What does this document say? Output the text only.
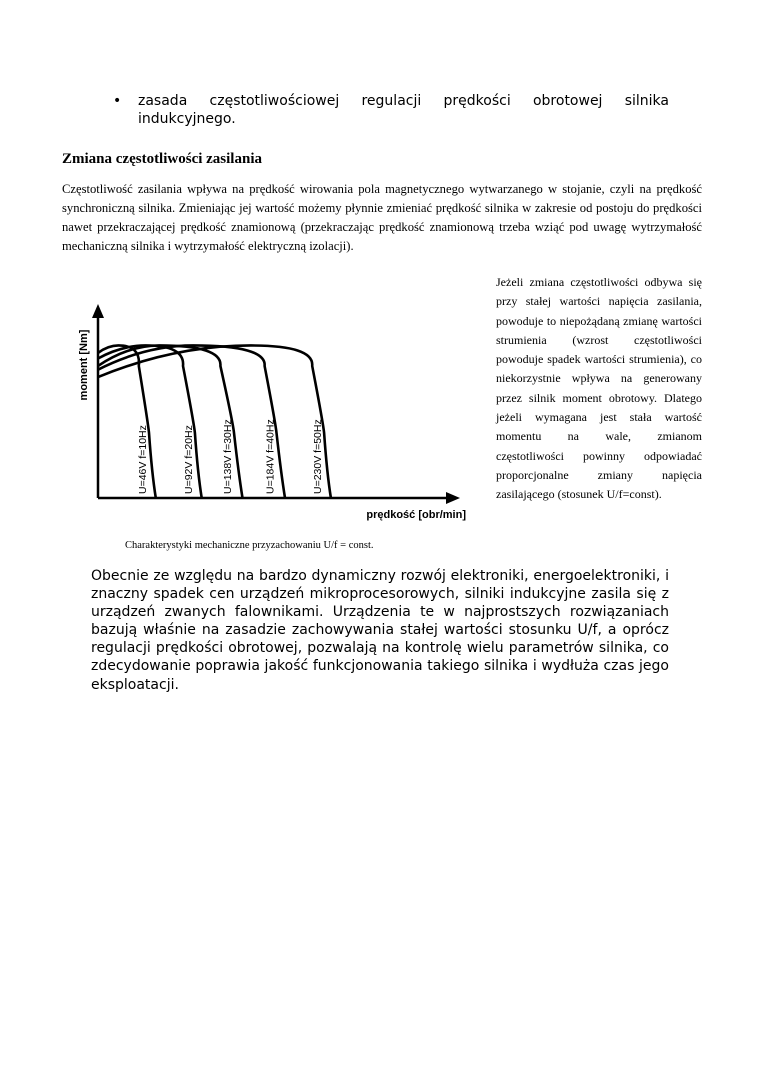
• zasada częstotliwościowej regulacji prędkości obrotowej silnika indukcyjnego.
Zmiana częstotliwości zasilania

Częstotliwość zasilania wpływa na prędkość wirowania pola magnetycznego wytwarzanego w stojanie, czyli na prędkość synchroniczną silnika. Zmieniając jej wartość możemy płynnie zmieniać prędkość silnika w zakresie od postoju do prędkości nawet przekraczającej prędkość znamionową (przekraczając prędkość znamionową trzeba wziąć pod uwagę wytrzymałość mechaniczną silnika i wytrzymałość elektryczną izolacji).

Jeżeli zmiana częstotliwości odbywa się przy stałej wartości napięcia zasilania, powoduje to niepożądaną zmianę wartości strumienia (wzrost częstotliwości powoduje spadek wartości strumienia), co niekorzystnie wpływa na generowany przez silnik moment obrotowy. Dlatego jeżeli wymagana jest stała wartość momentu na wale, zmianom częstotliwości powinny odpowiadać proporcjonalne zmiany napięcia zasilającego (stosunek U/f=const).

moment [Nm]
prędkość [obr/min]
U=46V f=10Hz	U=92V f=20Hz	U=138V f=30Hz	U=184V f=40Hz	U=230V f=50Hz

Charakterystyki mechaniczne przyzachowaniu U/f = const.

Obecnie ze względu na bardzo dynamiczny rozwój elektroniki, energoelektroniki, i znaczny spadek cen urządzeń mikroprocesorowych, silniki indukcyjne zasila się z urządzeń zwanych falownikami. Urządzenia te w najprostszych rozwiązaniach bazują właśnie na zasadzie zachowywania stałej wartości stosunku U/f, a oprócz regulacji prędkości obrotowej, pozwalają na kontrolę wielu parametrów silnika, co zdecydowanie poprawia jakość funkcjonowania takiego silnika i wydłuża czas jego eksploatacji.
